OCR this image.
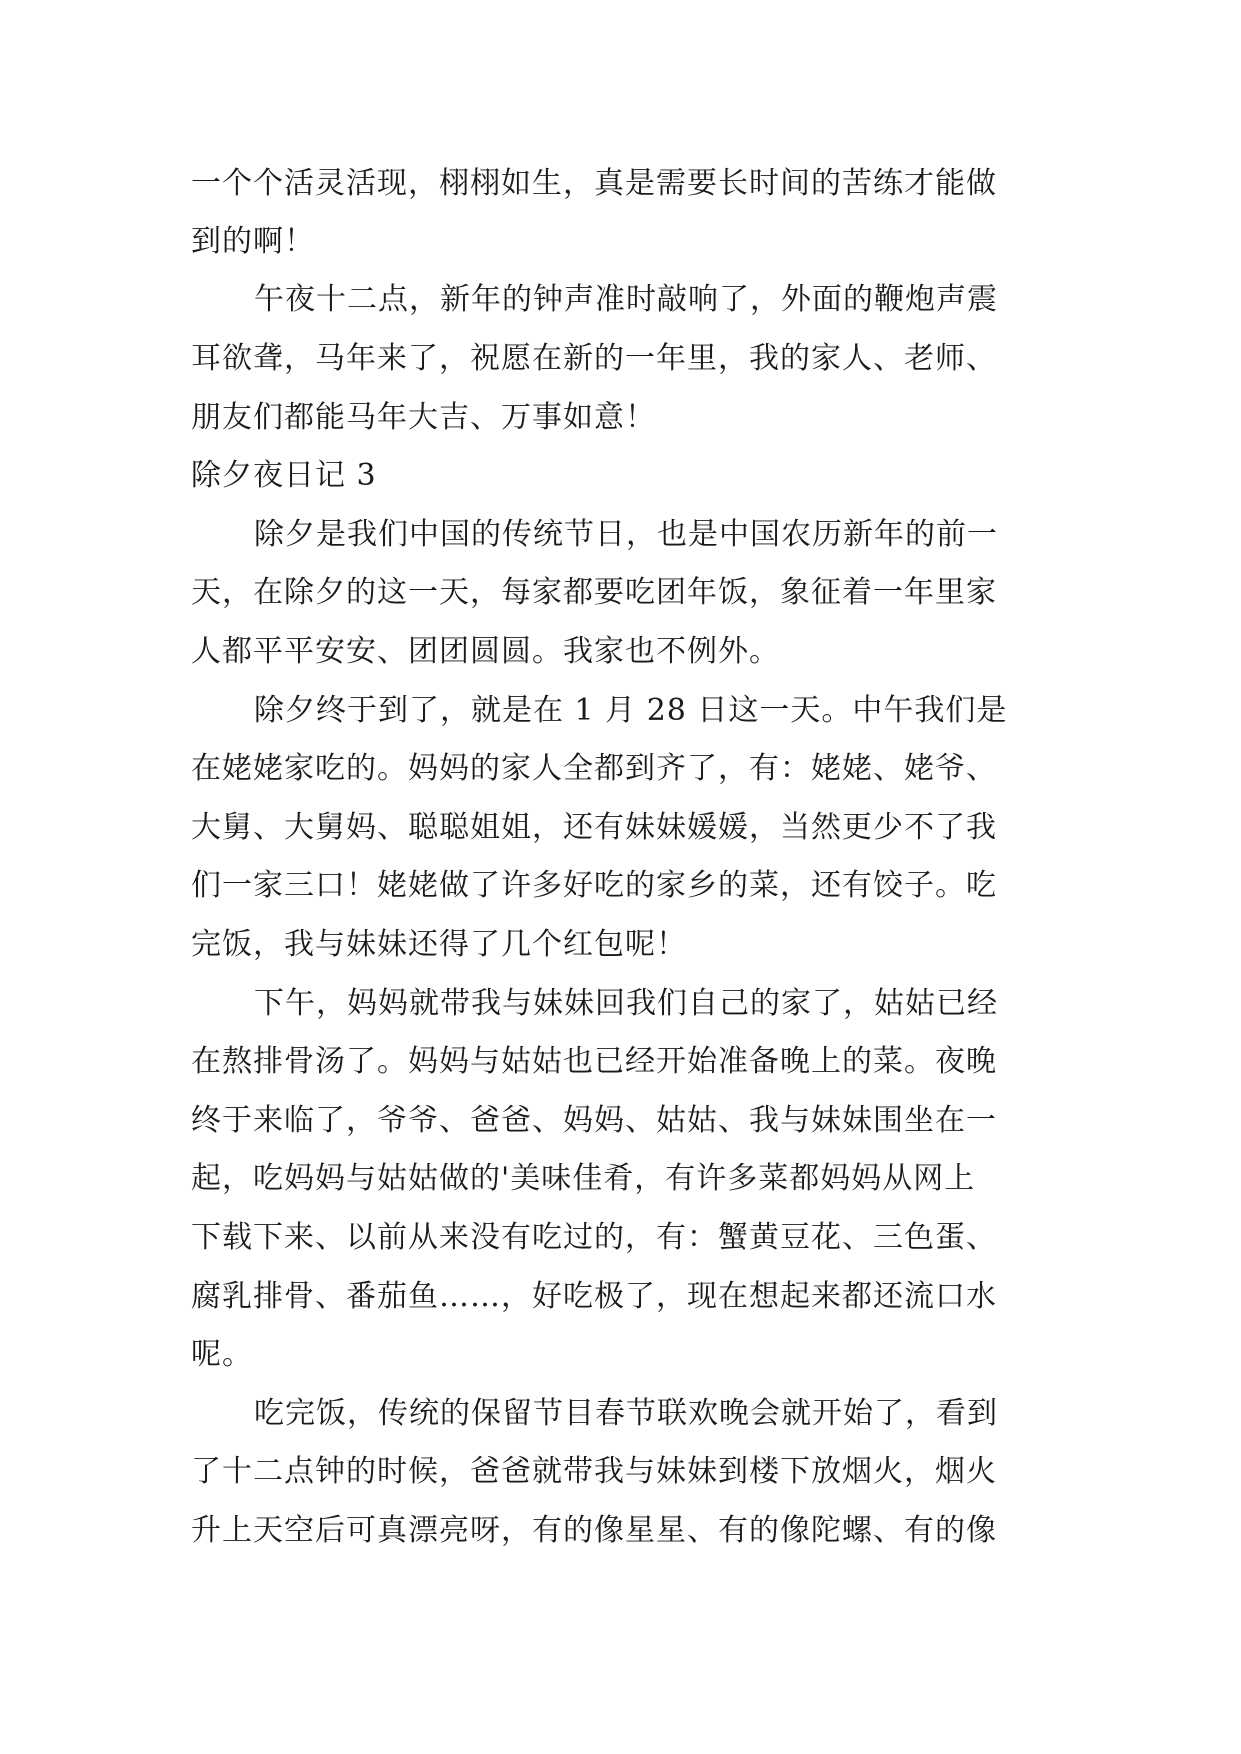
一个个活灵活现，栩栩如生，真是需要长时间的苦练才能做
到的啊！
午夜十二点，新年的钟声准时敲响了，外面的鞭炮声震
耳欲聋，马年来了，祝愿在新的一年里，我的家人、老师、
朋友们都能马年大吉、万事如意！
除夕夜日记 3
除夕是我们中国的传统节日，也是中国农历新年的前一
天，在除夕的这一天，每家都要吃团年饭，象征着一年里家
人都平平安安、团团圆圆。我家也不例外。
除夕终于到了，就是在 1 月 28 日这一天。中午我们是
在姥姥家吃的。妈妈的家人全都到齐了，有：姥姥、姥爷、
大舅、大舅妈、聪聪姐姐，还有妹妹媛媛，当然更少不了我
们一家三口！姥姥做了许多好吃的家乡的菜，还有饺子。吃
完饭，我与妹妹还得了几个红包呢！
下午，妈妈就带我与妹妹回我们自己的家了，姑姑已经
在熬排骨汤了。妈妈与姑姑也已经开始准备晚上的菜。夜晚
终于来临了，爷爷、爸爸、妈妈、姑姑、我与妹妹围坐在一
起，吃妈妈与姑姑做的'美味佳肴，有许多菜都妈妈从网上
下载下来、以前从来没有吃过的，有：蟹黄豆花、三色蛋、
腐乳排骨、番茄鱼……，好吃极了，现在想起来都还流口水
呢。
吃完饭，传统的保留节目春节联欢晚会就开始了，看到
了十二点钟的时候，爸爸就带我与妹妹到楼下放烟火，烟火
升上天空后可真漂亮呀，有的像星星、有的像陀螺、有的像
